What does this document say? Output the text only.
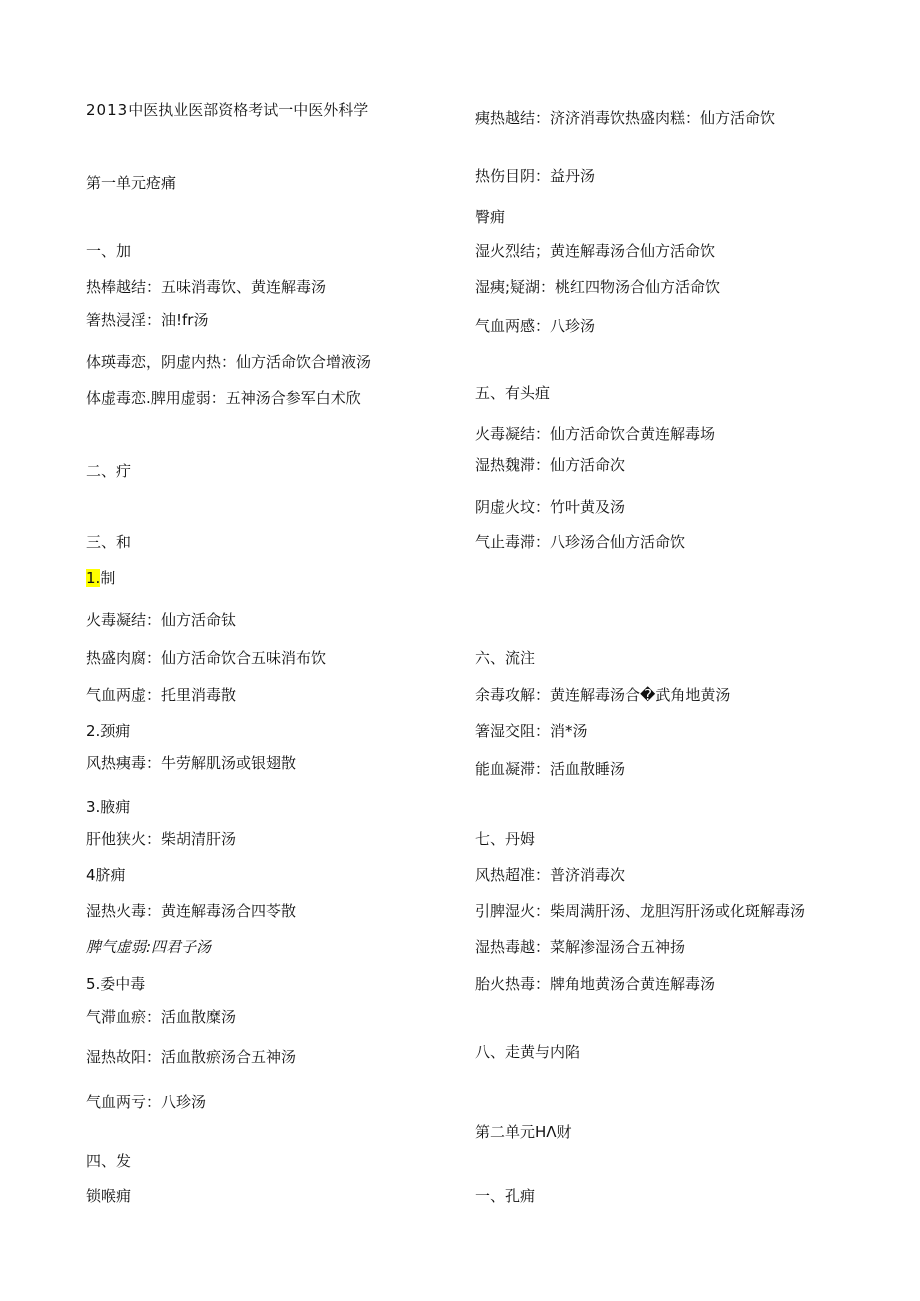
2013中医执业医部资格考试一中医外科学
第一单元疮痛
一、加
热棒越结：五味消毒饮、黄连解毒汤
箸热浸淫：油!fr汤
体瑛毒恋，阴虚内热：仙方活命饮合增液汤
体虚毒恋.脾用虚弱：五神汤合参军白术欣
二、疔
三、和
1.制
火毒凝结：仙方活命钛
热盛肉腐：仙方活命饮合五味消布饮
气血两虚：托里消毒散
2.颈痈
风热痍毒：牛劳解肌汤或银翅散
3.腋痈
肝他狭火：柴胡清肝汤
4脐痈
湿热火毒：黄连解毒汤合四苓散
脾气虚弱:四君子汤
5.委中毒
气滞血瘀：活血散糜汤
湿热故阳：活血散瘀汤合五神汤
气血两亏：八珍汤
四、发
锁喉痈
痍热越结：济济消毒饮热盛肉糕：仙方活命饮
热伤目阴：益丹汤
臀痈
湿火烈结；黄连解毒汤合仙方活命饮
湿痍;疑湖：桃红四物汤合仙方活命饮
气血两感：八珍汤
五、有头疽
火毒凝结：仙方活命饮合黄连解毒场
湿热魏滞：仙方活命次
阴虚火坟：竹叶黄及汤
气止毒滞：八珍汤合仙方活命饮
六、流注
余毒攻解：黄连解毒汤合�武角地黄汤
箸湿交阻：消*汤
能血凝滞：活血散睡汤
七、丹姆
风热超准：普济消毒次
引脾湿火：柴周满肝汤、龙胆泻肝汤或化斑解毒汤
湿热毒越：菜解渗湿汤合五神扬
胎火热毒：牌角地黄汤合黄连解毒汤
八、走黄与内陷
第二单元HΛ财
一、孔痈
